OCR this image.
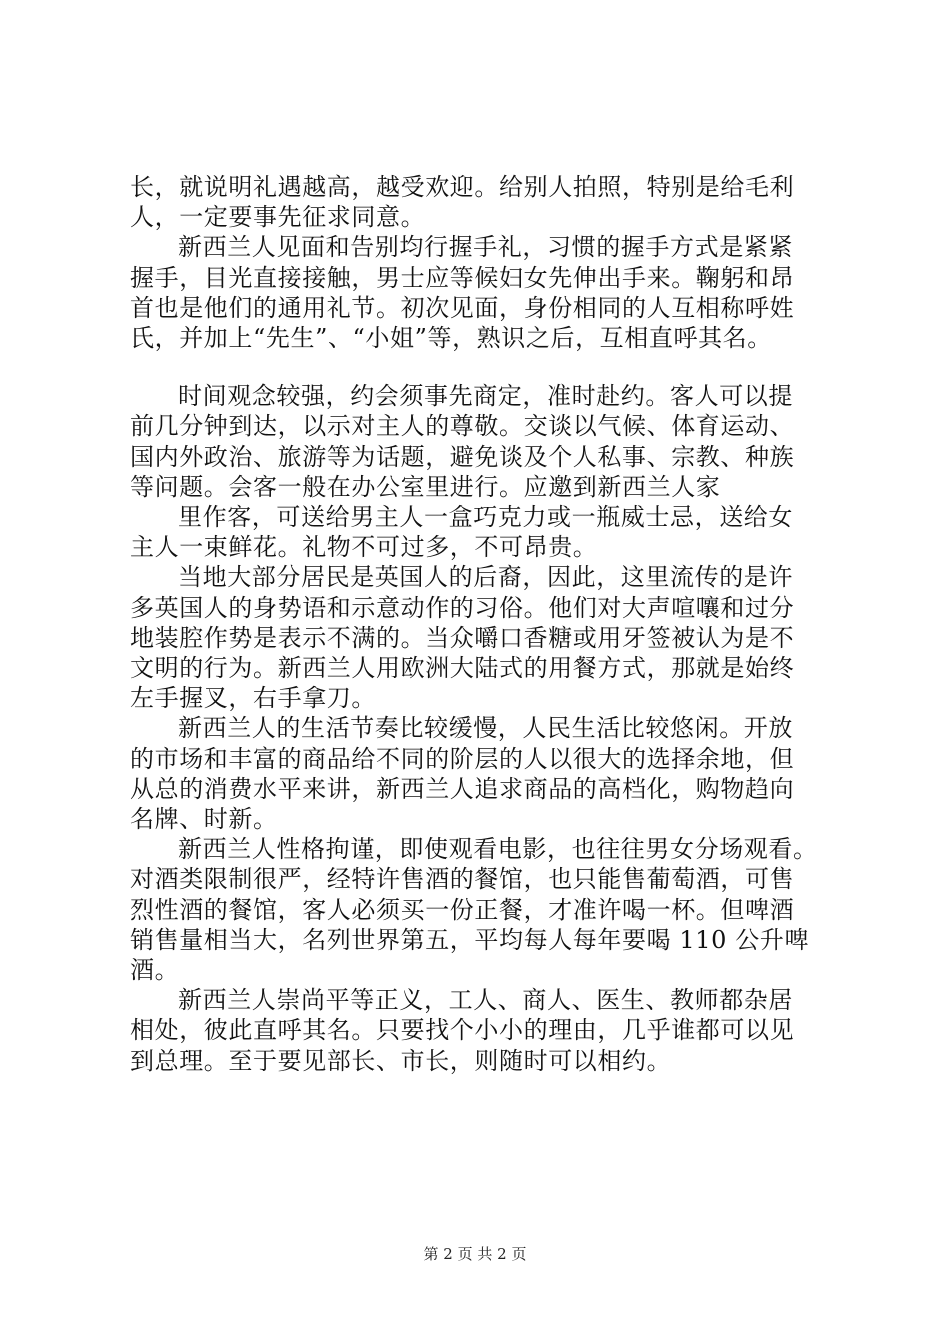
长，就说明礼遇越高，越受欢迎。给别人拍照，特别是给毛利
人，一定要事先征求同意。
新西兰人见面和告别均行握手礼，习惯的握手方式是紧紧
握手，目光直接接触，男士应等候妇女先伸出手来。鞠躬和昂
首也是他们的通用礼节。初次见面，身份相同的人互相称呼姓
氏，并加上“先生”、“小姐”等，熟识之后，互相直呼其名。
时间观念较强，约会须事先商定，准时赴约。客人可以提
前几分钟到达，以示对主人的尊敬。交谈以气候、体育运动、
国内外政治、旅游等为话题，避免谈及个人私事、宗教、种族
等问题。会客一般在办公室里进行。应邀到新西兰人家
里作客，可送给男主人一盒巧克力或一瓶威士忌，送给女
主人一束鲜花。礼物不可过多，不可昂贵。
当地大部分居民是英国人的后裔，因此，这里流传的是许
多英国人的身势语和示意动作的习俗。他们对大声喧嚷和过分
地装腔作势是表示不满的。当众嚼口香糖或用牙签被认为是不
文明的行为。新西兰人用欧洲大陆式的用餐方式，那就是始终
左手握叉，右手拿刀。
新西兰人的生活节奏比较缓慢，人民生活比较悠闲。开放
的市场和丰富的商品给不同的阶层的人以很大的选择余地，但
从总的消费水平来讲，新西兰人追求商品的高档化，购物趋向
名牌、时新。
新西兰人性格拘谨，即使观看电影，也往往男女分场观看。
对酒类限制很严，经特许售酒的餐馆，也只能售葡萄酒，可售
烈性酒的餐馆，客人必须买一份正餐，才准许喝一杯。但啤酒
销售量相当大，名列世界第五，平均每人每年要喝 110 公升啤
酒。
新西兰人崇尚平等正义，工人、商人、医生、教师都杂居
相处，彼此直呼其名。只要找个小小的理由，几乎谁都可以见
到总理。至于要见部长、市长，则随时可以相约。
第 2 页 共 2 页
